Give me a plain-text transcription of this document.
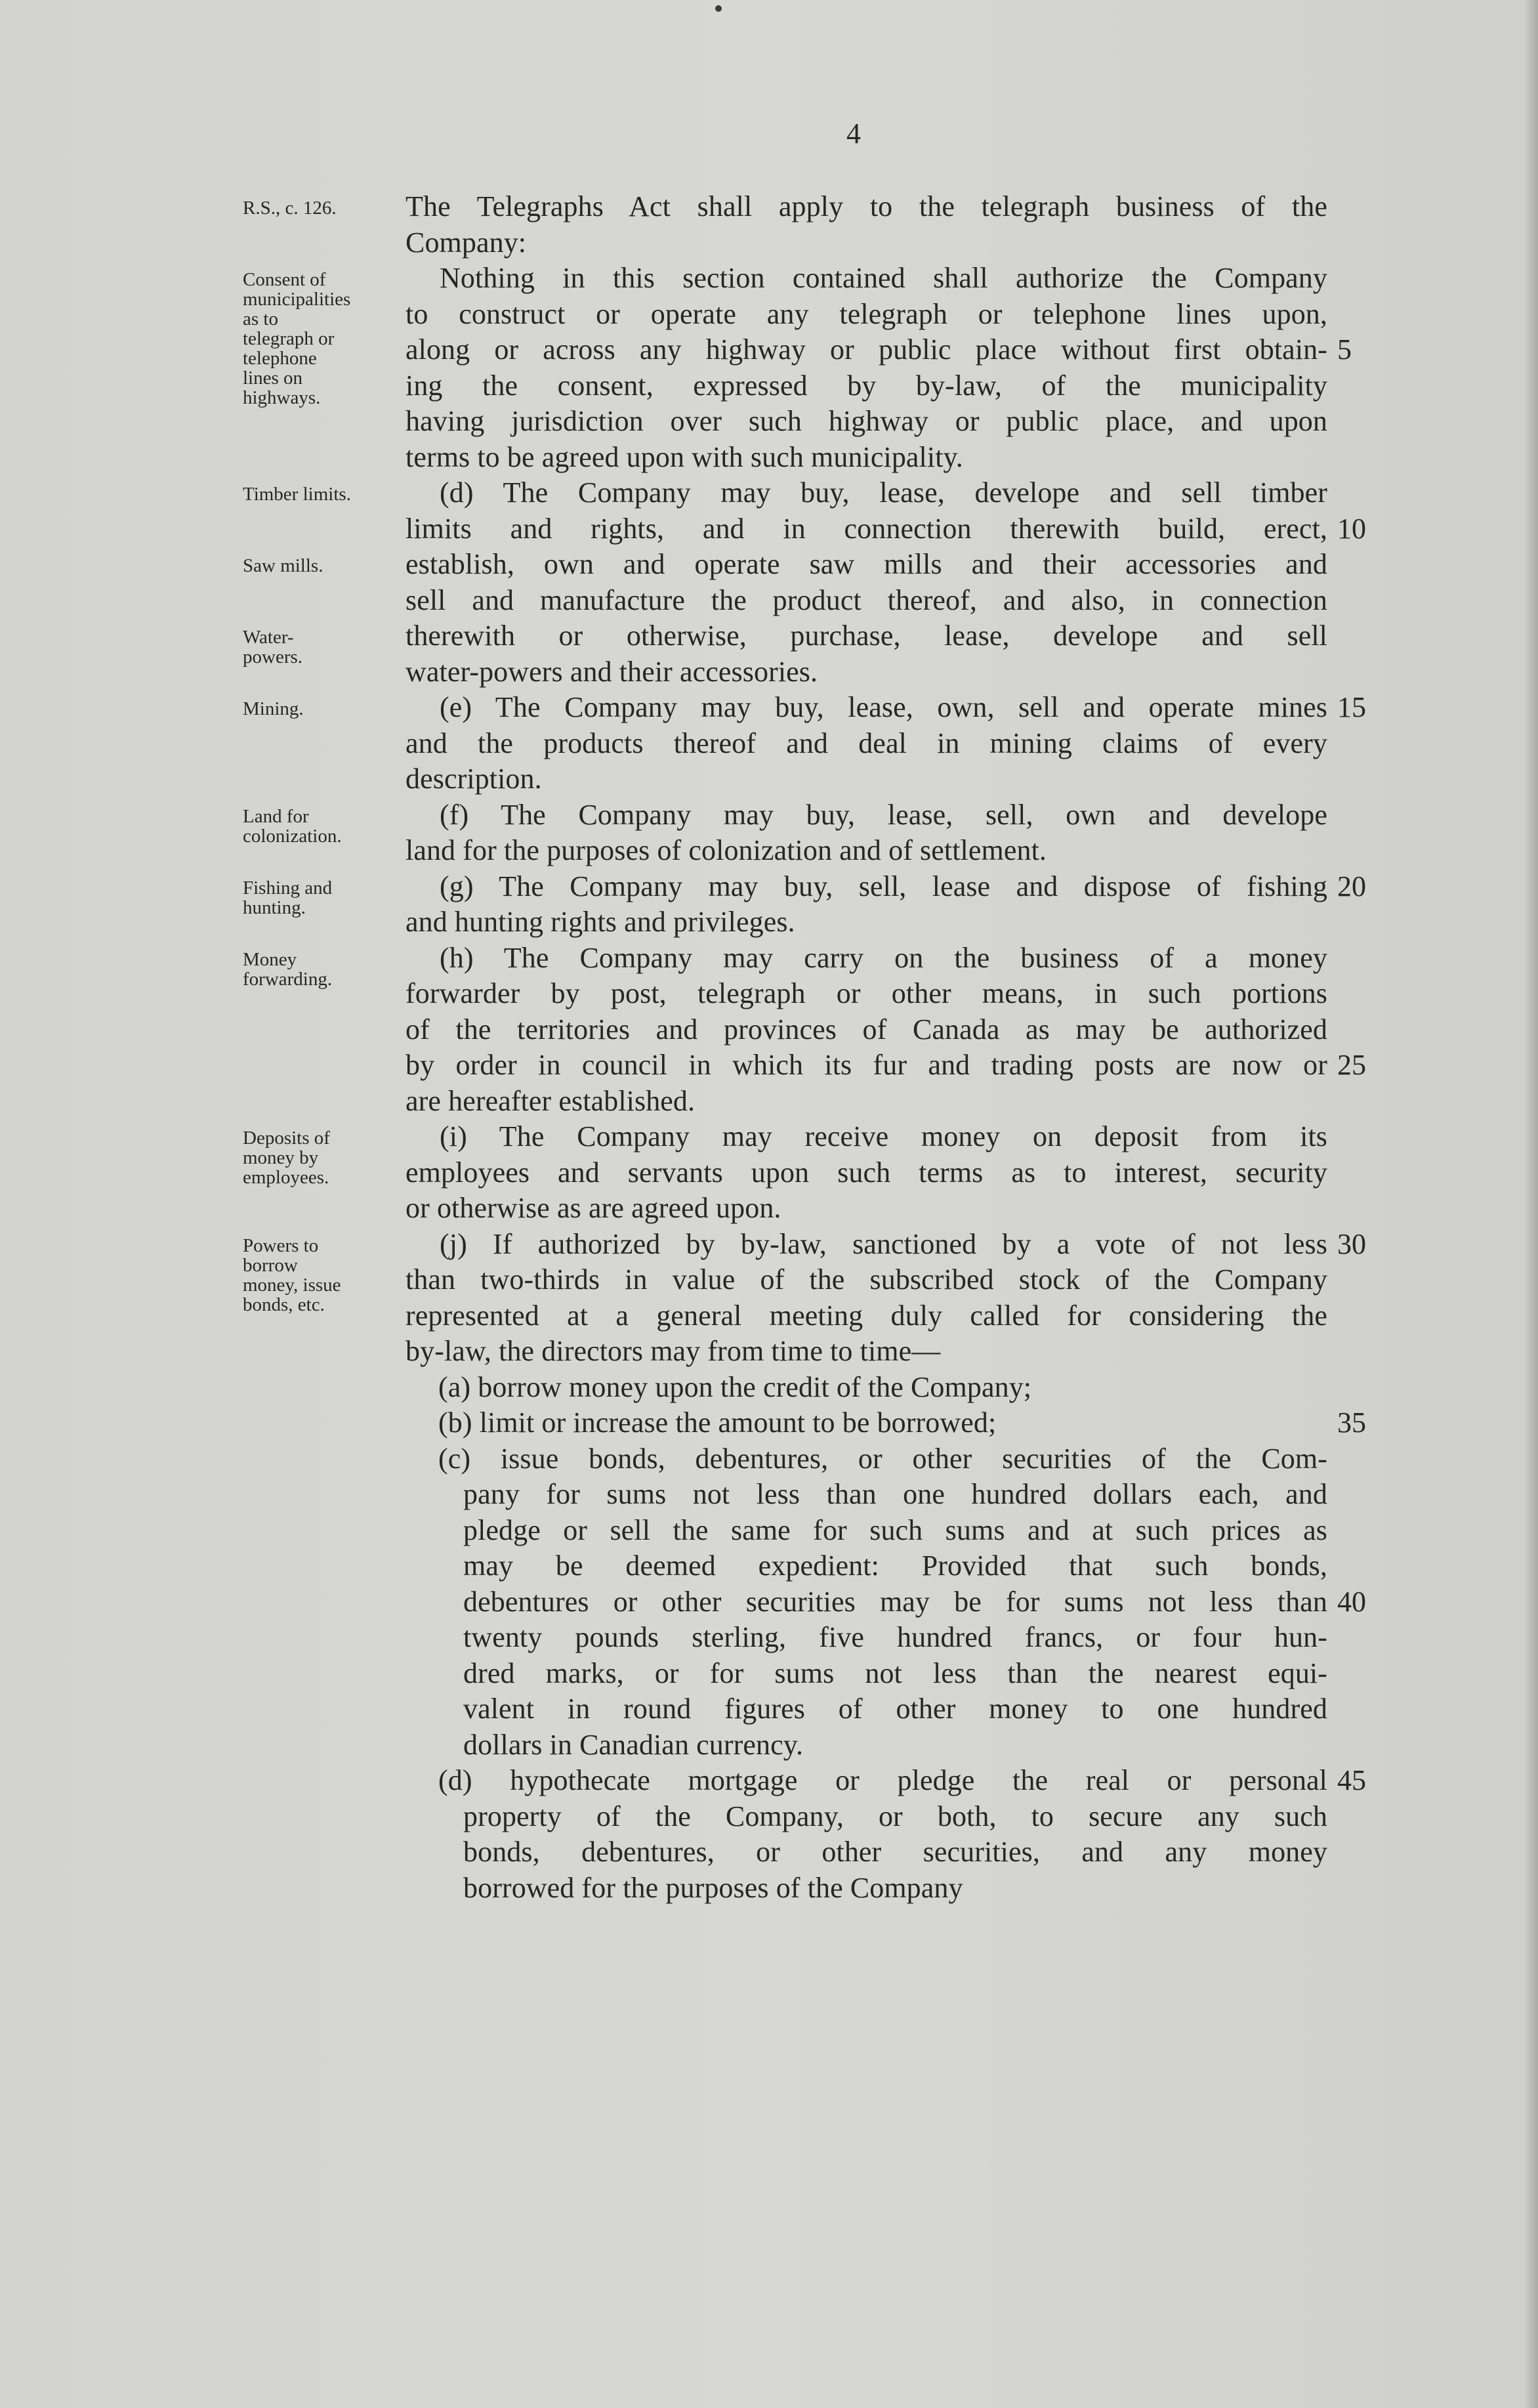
4
R.S., c. 126.
Consent of
municipalities
as to
telegraph or
telephone
lines on
highways.
Timber limits.
Saw mills.
Water-
powers.
Mining.
Land for
colonization.
Fishing and
hunting.
Money
forwarding.
Deposits of
money by
employees.
Powers to
borrow
money, issue
bonds, etc.
The Telegraphs Act shall apply to the telegraph business of the
Company:
Nothing in this section contained shall authorize the Company
to construct or operate any telegraph or telephone lines upon,
along or across any highway or public place without first obtain-
ing the consent, expressed by by-law, of the municipality
having jurisdiction over such highway or public place, and upon
terms to be agreed upon with such municipality.
(d) The Company may buy, lease, develope and sell timber
limits and rights, and in connection therewith build, erect,
establish, own and operate saw mills and their accessories and
sell and manufacture the product thereof, and also, in connection
therewith or otherwise, purchase, lease, develope and sell
water-powers and their accessories.
(e) The Company may buy, lease, own, sell and operate mines
and the products thereof and deal in mining claims of every
description.
(f) The Company may buy, lease, sell, own and develope
land for the purposes of colonization and of settlement.
(g) The Company may buy, sell, lease and dispose of fishing
and hunting rights and privileges.
(h) The Company may carry on the business of a money
forwarder by post, telegraph or other means, in such portions
of the territories and provinces of Canada as may be authorized
by order in council in which its fur and trading posts are now or
are hereafter established.
(i) The Company may receive money on deposit from its
employees and servants upon such terms as to interest, security
or otherwise as are agreed upon.
(j) If authorized by by-law, sanctioned by a vote of not less
than two-thirds in value of the subscribed stock of the Company
represented at a general meeting duly called for considering the
by-law, the directors may from time to time—
(a) borrow money upon the credit of the Company;
(b) limit or increase the amount to be borrowed;
(c) issue bonds, debentures, or other securities of the Com-
pany for sums not less than one hundred dollars each, and
pledge or sell the same for such sums and at such prices as
may be deemed expedient: Provided that such bonds,
debentures or other securities may be for sums not less than
twenty pounds sterling, five hundred francs, or four hun-
dred marks, or for sums not less than the nearest equi-
valent in round figures of other money to one hundred
dollars in Canadian currency.
(d) hypothecate mortgage or pledge the real or personal
property of the Company, or both, to secure any such
bonds, debentures, or other securities, and any money
borrowed for the purposes of the Company
5
10
15
20
25
30
35
40
45
